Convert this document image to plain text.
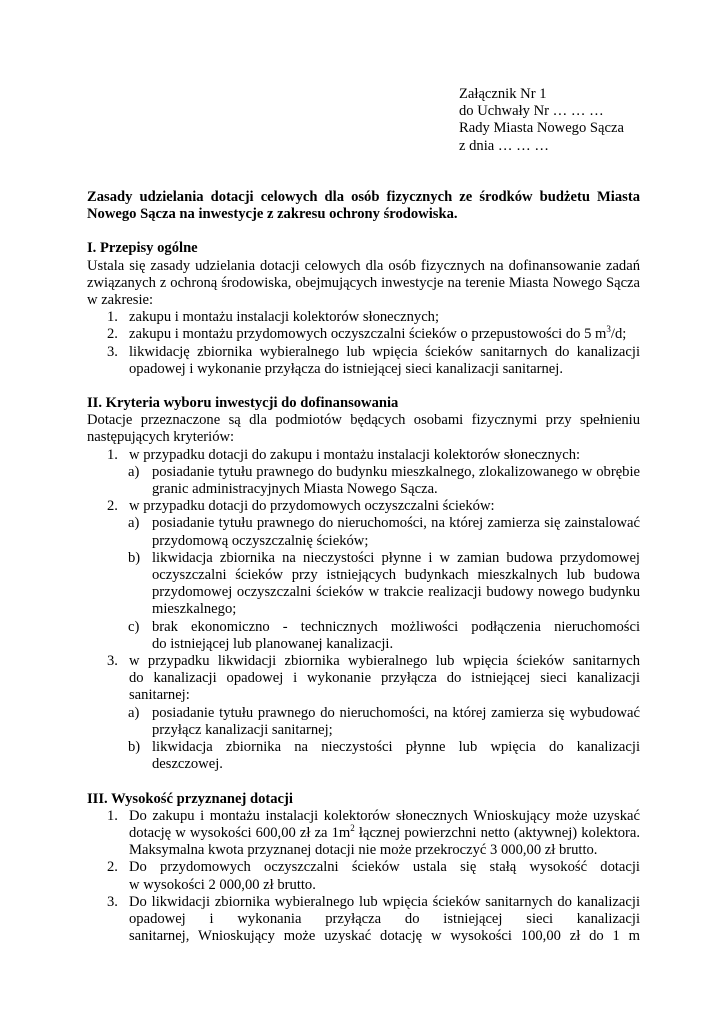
Załącznik Nr 1
do Uchwały Nr … … …
Rady Miasta Nowego Sącza
z dnia … … …
Zasady udzielania dotacji celowych dla osób fizycznych ze środków budżetu Miasta
Nowego Sącza na inwestycje z zakresu ochrony środowiska.
I. Przepisy ogólne
Ustala się zasady udzielania dotacji celowych dla osób fizycznych na dofinansowanie zadań
związanych z ochroną środowiska, obejmujących inwestycje na terenie Miasta Nowego Sącza
w zakresie:
1. zakupu i montażu instalacji kolektorów słonecznych;
2. zakupu i montażu przydomowych oczyszczalni ścieków o przepustowości do 5 $m^3/d$;
3. likwidację zbiornika wybieralnego lub wpięcia ścieków sanitarnych do kanalizacji
opadowej i wykonanie przyłącza do istniejącej sieci kanalizacji sanitarnej.
II. Kryteria wyboru inwestycji do dofinansowania
Dotacje przeznaczone są dla podmiotów będących osobami fizycznymi przy spełnieniu
następujących kryteriów:
1. w przypadku dotacji do zakupu i montażu instalacji kolektorów słonecznych:
a) posiadanie tytułu prawnego do budynku mieszkalnego, zlokalizowanego w obrębie
granic administracyjnych Miasta Nowego Sącza.
2. w przypadku dotacji do przydomowych oczyszczalni ścieków:
a) posiadanie tytułu prawnego do nieruchomości, na której zamierza się zainstalować
przydomową oczyszczalnię ścieków;
b) likwidacja zbiornika na nieczystości płynne i w zamian budowa przydomowej
oczyszczalni ścieków przy istniejących budynkach mieszkalnych lub budowa
przydomowej oczyszczalni ścieków w trakcie realizacji budowy nowego budynku
mieszkalnego;
c) brak ekonomiczno - technicznych możliwości podłączenia nieruchomości
do istniejącej lub planowanej kanalizacji.
3. w przypadku likwidacji zbiornika wybieralnego lub wpięcia ścieków sanitarnych
do kanalizacji opadowej i wykonanie przyłącza do istniejącej sieci kanalizacji
sanitarnej:
a) posiadanie tytułu prawnego do nieruchomości, na której zamierza się wybudować
przyłącz kanalizacji sanitarnej;
b) likwidacja zbiornika na nieczystości płynne lub wpięcia do kanalizacji
deszczowej.
III. Wysokość przyznanej dotacji
1. Do zakupu i montażu instalacji kolektorów słonecznych Wnioskujący może uzyskać
dotację w wysokości 600,00 zł za $1m^2$ łącznej powierzchni netto (aktywnej) kolektora.
Maksymalna kwota przyznanej dotacji nie może przekroczyć 3 000,00 zł brutto.
2. Do przydomowych oczyszczalni ścieków ustala się stałą wysokość dotacji
w wysokości 2 000,00 zł brutto.
3. Do likwidacji zbiornika wybieralnego lub wpięcia ścieków sanitarnych do kanalizacji
opadowej i wykonania przyłącza do istniejącej sieci kanalizacji
sanitarnej, Wnioskujący może uzyskać dotację w wysokości 100,00 zł do 1 m
